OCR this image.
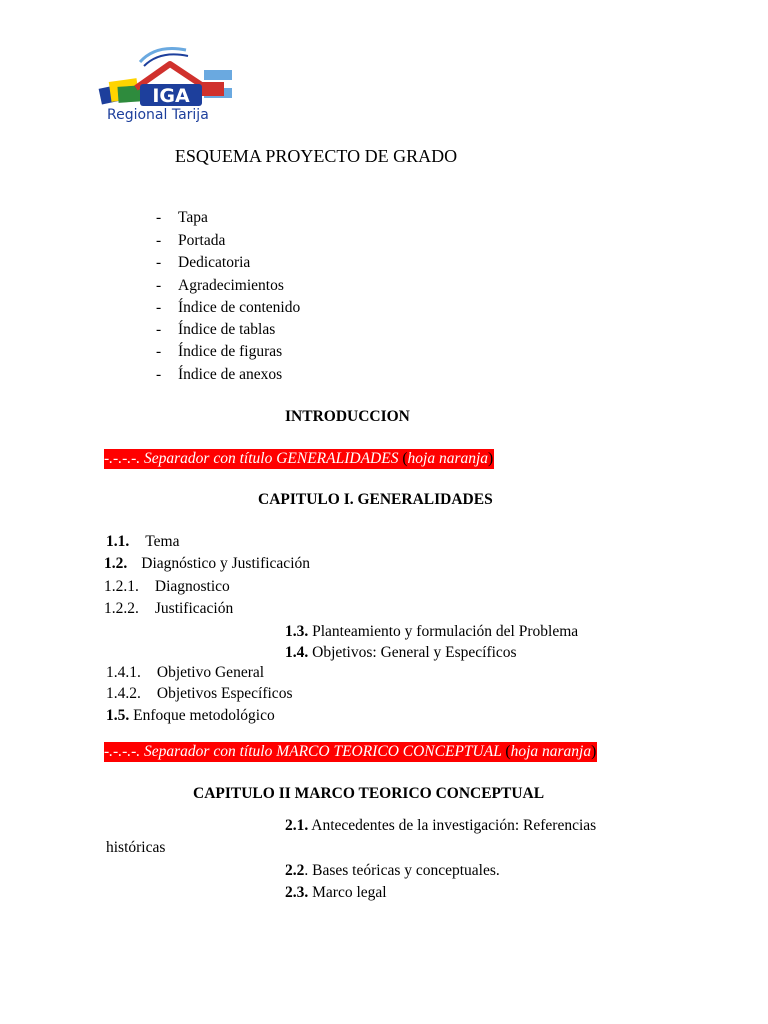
IGA
Regional Tarija
ESQUEMA PROYECTO DE GRADO
- Tapa
- Portada
- Dedicatoria
- Agradecimientos
- Índice de contenido
- Índice de tablas
- Índice de figuras
- Índice de anexos
INTRODUCCION
-.-.-.-. Separador con título GENERALIDADES (hoja naranja)
CAPITULO I. GENERALIDADES
1.1. Tema
1.2. Diagnóstico y Justificación
1.2.1. Diagnostico
1.2.2. Justificación
1.3. Planteamiento y formulación del Problema
1.4. Objetivos: General y Específicos
1.4.1. Objetivo General
1.4.2. Objetivos Específicos
1.5. Enfoque metodológico
-.-.-.-. Separador con título MARCO TEORICO CONCEPTUAL (hoja naranja)
CAPITULO II MARCO TEORICO CONCEPTUAL
2.1. Antecedentes de la investigación: Referencias
históricas
2.2. Bases teóricas y conceptuales.
2.3. Marco legal
